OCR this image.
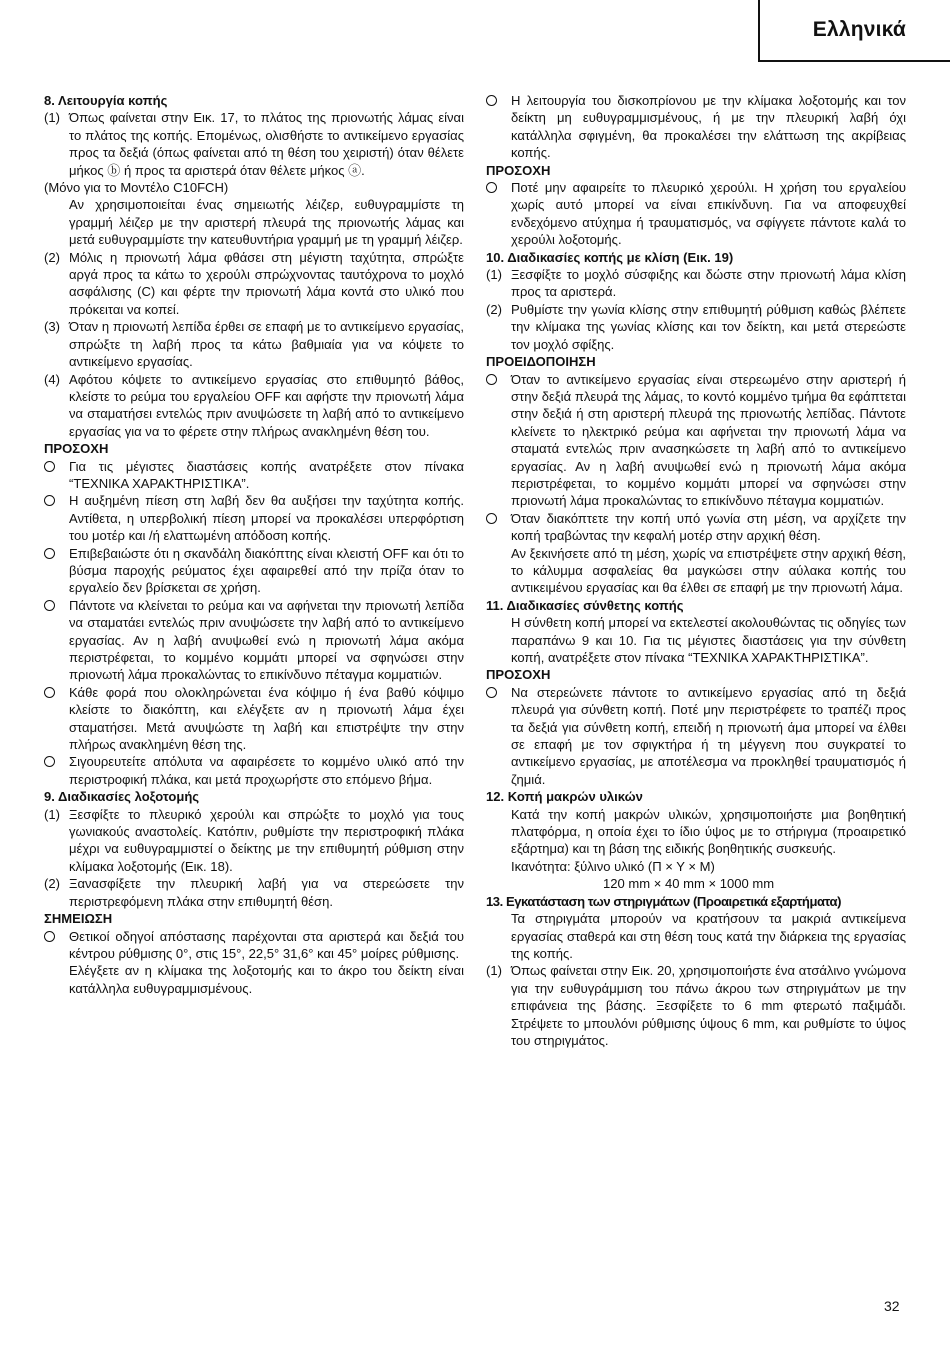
Ελληνικά
8. Λειτουργία κοπής
(1) Όπως φαίνεται στην Εικ. 17, το πλάτος της πριονωτής λάμας είναι το πλάτος της κοπής. Επομένως, ολισθήστε το αντικείμενο εργασίας προς τα δεξιά (όπως φαίνεται από τη θέση του χειριστή) όταν θέλετε μήκος ⓑ ή προς τα αριστερά όταν θέλετε μήκος ⓐ.
(Μόνο για το Μοντέλο C10FCH)
Αν χρησιμοποιείται ένας σημειωτής λέιζερ, ευθυγραμμίστε τη γραμμή λέιζερ με την αριστερή πλευρά της πριονωτής λάμας και μετά ευθυγραμμίστε την κατευθυντήρια γραμμή με τη γραμμή λέιζερ.
(2) Μόλις η πριονωτή λάμα φθάσει στη μέγιστη ταχύτητα, σπρώξτε αργά προς τα κάτω το χερούλι σπρώχνοντας ταυτόχρονα το μοχλό ασφάλισης (C) και φέρτε την πριονωτή λάμα κοντά στο υλικό που πρόκειται να κοπεί.
(3) Όταν η πριονωτή λεπίδα έρθει σε επαφή με το αντικείμενο εργασίας, σπρώξτε τη λαβή προς τα κάτω βαθμιαία για να κόψετε το αντικείμενο εργασίας.
(4) Αφότου κόψετε το αντικείμενο εργασίας στο επιθυμητό βάθος, κλείστε το ρεύμα του εργαλείου OFF και αφήστε την πριονωτή λάμα να σταματήσει εντελώς πριν ανυψώσετε τη λαβή από το αντικείμενο εργασίας για να το φέρετε στην πλήρως ανακλημένη θέση του.
ΠΡΟΣΟΧΗ
Για τις μέγιστες διαστάσεις κοπής ανατρέξετε στον πίνακα “ΤΕΧΝΙΚΑ ΧΑΡΑΚΤΗΡΙΣΤΙΚΑ”.
Η αυξημένη πίεση στη λαβή δεν θα αυξήσει την ταχύτητα κοπής. Αντίθετα, η υπερβολική πίεση μπορεί να προκαλέσει υπερφόρτιση του μοτέρ και /ή ελαττωμένη απόδοση κοπής.
Επιβεβαιώστε ότι η σκανδάλη διακόπτης είναι κλειστή OFF και ότι το βύσμα παροχής ρεύματος έχει αφαιρεθεί από την πρίζα όταν το εργαλείο δεν βρίσκεται σε χρήση.
Πάντοτε να κλείνεται το ρεύμα και να αφήνεται την πριονωτή λεπίδα να σταματάει εντελώς πριν ανυψώσετε την λαβή από το αντικείμενο εργασίας. Αν η λαβή ανυψωθεί ενώ η πριονωτή λάμα ακόμα περιστρέφεται, το κομμένο κομμάτι μπορεί να σφηνώσει στην πριονωτή λάμα προκαλώντας το επικίνδυνο πέταγμα κομματιών.
Κάθε φορά που ολοκληρώνεται ένα κόψιμο ή ένα βαθύ κόψιμο κλείστε το διακόπτη, και ελέγξετε αν η πριονωτή λάμα έχει σταματήσει. Μετά ανυψώστε τη λαβή και επιστρέψτε την στην πλήρως ανακλημένη θέση της.
Σιγουρευτείτε απόλυτα να αφαιρέσετε το κομμένο υλικό από την περιστροφική πλάκα, και μετά προχωρήστε στο επόμενο βήμα.
9. Διαδικασίες λοξοτομής
(1) Ξεσφίξτε το πλευρικό χερούλι και σπρώξτε το μοχλό για τους γωνιακούς αναστολείς. Κατόπιν, ρυθμίστε την περιστροφική πλάκα μέχρι να ευθυγραμμιστεί ο δείκτης με την επιθυμητή ρύθμιση στην κλίμακα λοξοτομής (Εικ. 18).
(2) Ξανασφίξετε την πλευρική λαβή για να στερεώσετε την περιστρεφόμενη πλάκα στην επιθυμητή θέση.
ΣΗΜΕΙΩΣΗ
Θετικοί οδηγοί απόστασης παρέχονται στα αριστερά και δεξιά του κέντρου ρύθμισης 0°, στις 15°, 22,5° 31,6° και 45° μοίρες ρύθμισης.
Ελέγξετε αν η κλίμακα της λοξοτομής και το άκρο του δείκτη είναι κατάλληλα ευθυγραμμισμένους.
Η λειτουργία του δισκοπρίονου με την κλίμακα λοξοτομής και τον δείκτη μη ευθυγραμμισμένους, ή με την πλευρική λαβή όχι κατάλληλα σφιγμένη, θα προκαλέσει την ελάττωση της ακρίβειας κοπής.
ΠΡΟΣΟΧΗ
Ποτέ μην αφαιρείτε το πλευρικό χερούλι. Η χρήση του εργαλείου χωρίς αυτό μπορεί να είναι επικίνδυνη. Για να αποφευχθεί ενδεχόμενο ατύχημα ή τραυματισμός, να σφίγγετε πάντοτε καλά το χερούλι λοξοτομής.
10. Διαδικασίες κοπής με κλίση (Εικ. 19)
(1) Ξεσφίξτε το μοχλό σύσφιξης και δώστε στην πριονωτή λάμα κλίση προς τα αριστερά.
(2) Ρυθμίστε την γωνία κλίσης στην επιθυμητή ρύθμιση καθώς βλέπετε την κλίμακα της γωνίας κλίσης και τον δείκτη, και μετά στερεώστε τον μοχλό σφίξης.
ΠΡΟΕΙΔΟΠΟΙΗΣΗ
Όταν το αντικείμενο εργασίας είναι στερεωμένο στην αριστερή ή στην δεξιά πλευρά της λάμας, το κοντό κομμένο τμήμα θα εφάπτεται στην δεξιά ή στη αριστερή πλευρά της πριονωτής λεπίδας. Πάντοτε κλείνετε το ηλεκτρικό ρεύμα και αφήνεται την πριονωτή λάμα να σταματά εντελώς πριν ανασηκώσετε τη λαβή από το αντικείμενο εργασίας. Αν η λαβή ανυψωθεί ενώ η πριονωτή λάμα ακόμα περιστρέφεται, το κομμένο κομμάτι μπορεί να σφηνώσει στην πριονωτή λάμα προκαλώντας το επικίνδυνο πέταγμα κομματιών.
Όταν διακόπτετε την κοπή υπό γωνία στη μέση, να αρχίζετε την κοπή τραβώντας την κεφαλή μοτέρ στην αρχική θέση.
Αν ξεκινήσετε από τη μέση, χωρίς να επιστρέψετε στην αρχική θέση, το κάλυμμα ασφαλείας θα μαγκώσει στην αύλακα κοπής του αντικειμένου εργασίας και θα έλθει σε επαφή με την πριονωτή λάμα.
11. Διαδικασίες σύνθετης κοπής
Η σύνθετη κοπή μπορεί να εκτελεστεί ακολουθώντας τις οδηγίες των παραπάνω 9 και 10. Για τις μέγιστες διαστάσεις για την σύνθετη κοπή, ανατρέξετε στον πίνακα “ΤΕΧΝΙΚΑ ΧΑΡΑΚΤΗΡΙΣΤΙΚΑ”.
ΠΡΟΣΟΧΗ
Να στερεώνετε πάντοτε το αντικείμενο εργασίας από τη δεξιά πλευρά για σύνθετη κοπή. Ποτέ μην περιστρέφετε το τραπέζι προς τα δεξιά για σύνθετη κοπή, επειδή η πριονωτή άμα μπορεί να έλθει σε επαφή με τον σφιγκτήρα ή τη μέγγενη που συγκρατεί το αντικείμενο εργασίας, με αποτέλεσμα να προκληθεί τραυματισμός ή ζημιά.
12. Κοπή μακρών υλικών
Κατά την κοπή μακρών υλικών, χρησιμοποιήστε μια βοηθητική πλατφόρμα, η οποία έχει το ίδιο ύψος με το στήριγμα (προαιρετικό εξάρτημα) και τη βάση της ειδικής βοηθητικής συσκευής.
Ικανότητα: ξύλινο υλικό (Π × Υ × Μ)
120 mm × 40 mm × 1000 mm
13. Εγκατάσταση των στηριγμάτων (Προαιρετικά εξαρτήματα)
Τα στηριγμάτα μπορούν να κρατήσουν τα μακριά αντικείμενα εργασίας σταθερά και στη θέση τους κατά την διάρκεια της εργασίας της κοπής.
(1) Όπως φαίνεται στην Εικ. 20, χρησιμοποιήστε ένα ατσάλινο γνώμονα για την ευθυγράμμιση του πάνω άκρου των στηριγμάτων με την επιφάνεια της βάσης. Ξεσφίξετε το 6 mm φτερωτό παξιμάδι. Στρέψετε το μπουλόνι ρύθμισης ύψους 6 mm, και ρυθμίστε το ύψος του στηριγμάτος.
32
